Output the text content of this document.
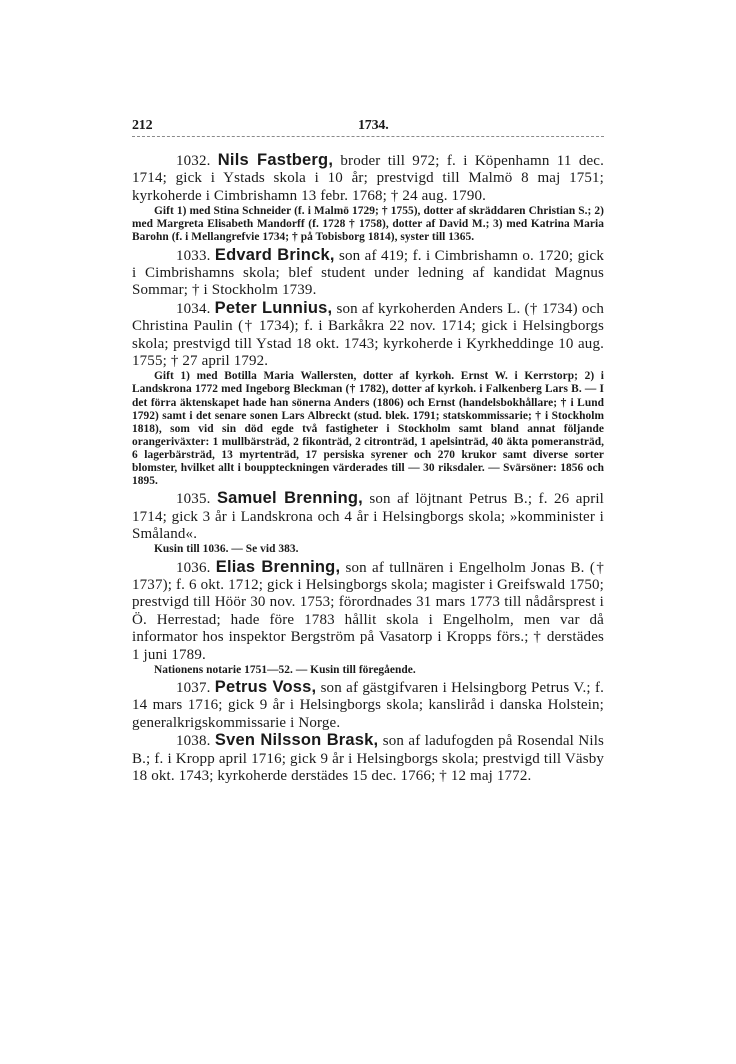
212	1734.

1032. Nils Fastberg, broder till 972; f. i Köpenhamn 11 dec. 1714; gick i Ystads skola i 10 år; prestvigd till Malmö 8 maj 1751; kyrkoherde i Cimbrishamn 13 febr. 1768; † 24 aug. 1790.

Gift 1) med Stina Schneider (f. i Malmö 1729; † 1755), dotter af skräddaren Christian S.; 2) med Margreta Elisabeth Mandorff (f. 1728 † 1758), dotter af David M.; 3) med Katrina Maria Barohn (f. i Mellangrefvie 1734; † på Tobisborg 1814), syster till 1365.

1033. Edvard Brinck, son af 419; f. i Cimbrishamn o. 1720; gick i Cimbrishamns skola; blef student under ledning af kandidat Magnus Sommar; † i Stockholm 1739.

1034. Peter Lunnius, son af kyrkoherden Anders L. († 1734) och Christina Paulin († 1734); f. i Barkåkra 22 nov. 1714; gick i Helsingborgs skola; prestvigd till Ystad 18 okt. 1743; kyrkoherde i Kyrkheddinge 10 aug. 1755; † 27 april 1792.

Gift 1) med Botilla Maria Wallersten, dotter af kyrkoh. Ernst W. i Kerrstorp; 2) i Landskrona 1772 med Ingeborg Bleckman († 1782), dotter af kyrkoh. i Falkenberg Lars B. — I det förra äktenskapet hade han sönerna Anders (1806) och Ernst (handelsbokhållare; † i Lund 1792) samt i det senare sonen Lars Albreckt (stud. blek. 1791; statskommissarie; † i Stockholm 1818), som vid sin död egde två fastigheter i Stockholm samt bland annat följande orangeriväxter: 1 mullbärsträd, 2 fikonträd, 2 citronträd, 1 apelsinträd, 40 äkta pomeransträd, 6 lagerbärsträd, 13 myrtenträd, 17 persiska syrener och 270 krukor samt diverse sorter blomster, hvilket allt i bouppteckningen värderades till — 30 riksdaler. — Svärsöner: 1856 och 1895.

1035. Samuel Brenning, son af löjtnant Petrus B.; f. 26 april 1714; gick 3 år i Landskrona och 4 år i Helsingborgs skola; »komminister i Småland«.

Kusin till 1036. — Se vid 383.

1036. Elias Brenning, son af tullnären i Engelholm Jonas B. († 1737); f. 6 okt. 1712; gick i Helsingborgs skola; magister i Greifswald 1750; prestvigd till Höör 30 nov. 1753; förordnades 31 mars 1773 till nådårsprest i Ö. Herrestad; hade före 1783 hållit skola i Engelholm, men var då informator hos inspektor Bergström på Vasatorp i Kropps förs.; † derstädes 1 juni 1789.

Nationens notarie 1751—52. — Kusin till föregående.

1037. Petrus Voss, son af gästgifvaren i Helsingborg Petrus V.; f. 14 mars 1716; gick 9 år i Helsingborgs skola; kansliråd i danska Holstein; generalkrigskommissarie i Norge.

1038. Sven Nilsson Brask, son af ladufogden på Rosendal Nils B.; f. i Kropp april 1716; gick 9 år i Helsingborgs skola; prestvigd till Väsby 18 okt. 1743; kyrkoherde derstädes 15 dec. 1766; † 12 maj 1772.
